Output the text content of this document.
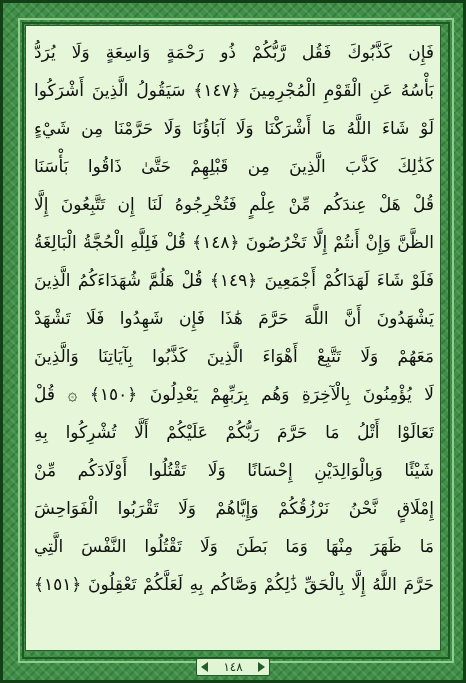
فَإِن كَذَّبُوكَ فَقُل رَّبُّكُمْ ذُو رَحْمَةٍ وَاسِعَةٍ وَلَا يُرَدُّ
بَأْسُهُ عَنِ الْقَوْمِ الْمُجْرِمِينَ ﴿١٤٧﴾ سَيَقُولُ الَّذِينَ أَشْرَكُوا
لَوْ شَاءَ اللَّهُ مَا أَشْرَكْنَا وَلَا آبَاؤُنَا وَلَا حَرَّمْنَا مِن شَيْءٍ
كَذَٰلِكَ كَذَّبَ الَّذِينَ مِن قَبْلِهِمْ حَتَّىٰ ذَاقُوا بَأْسَنَا
قُلْ هَلْ عِندَكُم مِّنْ عِلْمٍ فَتُخْرِجُوهُ لَنَا إِن تَتَّبِعُونَ إِلَّا
الظَّنَّ وَإِنْ أَنتُمْ إِلَّا تَخْرُصُونَ ﴿١٤٨﴾ قُلْ فَلِلَّهِ الْحُجَّةُ الْبَالِغَةُ
فَلَوْ شَاءَ لَهَدَاكُمْ أَجْمَعِينَ ﴿١٤٩﴾ قُلْ هَلُمَّ شُهَدَاءَكُمُ الَّذِينَ
يَشْهَدُونَ أَنَّ اللَّهَ حَرَّمَ هَٰذَا فَإِن شَهِدُوا فَلَا تَشْهَدْ
مَعَهُمْ وَلَا تَتَّبِعْ أَهْوَاءَ الَّذِينَ كَذَّبُوا بِآيَاتِنَا وَالَّذِينَ
لَا يُؤْمِنُونَ بِالْآخِرَةِ وَهُم بِرَبِّهِمْ يَعْدِلُونَ ﴿١٥٠﴾ ۞ قُلْ
تَعَالَوْا أَتْلُ مَا حَرَّمَ رَبُّكُمْ عَلَيْكُمْ أَلَّا تُشْرِكُوا بِهِ
شَيْئًا وَبِالْوَالِدَيْنِ إِحْسَانًا وَلَا تَقْتُلُوا أَوْلَادَكُم مِّنْ
إِمْلَاقٍ نَّحْنُ نَرْزُقُكُمْ وَإِيَّاهُمْ وَلَا تَقْرَبُوا الْفَوَاحِشَ
مَا ظَهَرَ مِنْهَا وَمَا بَطَنَ وَلَا تَقْتُلُوا النَّفْسَ الَّتِي
حَرَّمَ اللَّهُ إِلَّا بِالْحَقِّ ذَٰلِكُمْ وَصَّاكُم بِهِ لَعَلَّكُمْ تَعْقِلُونَ ﴿١٥١﴾
١٤٨
